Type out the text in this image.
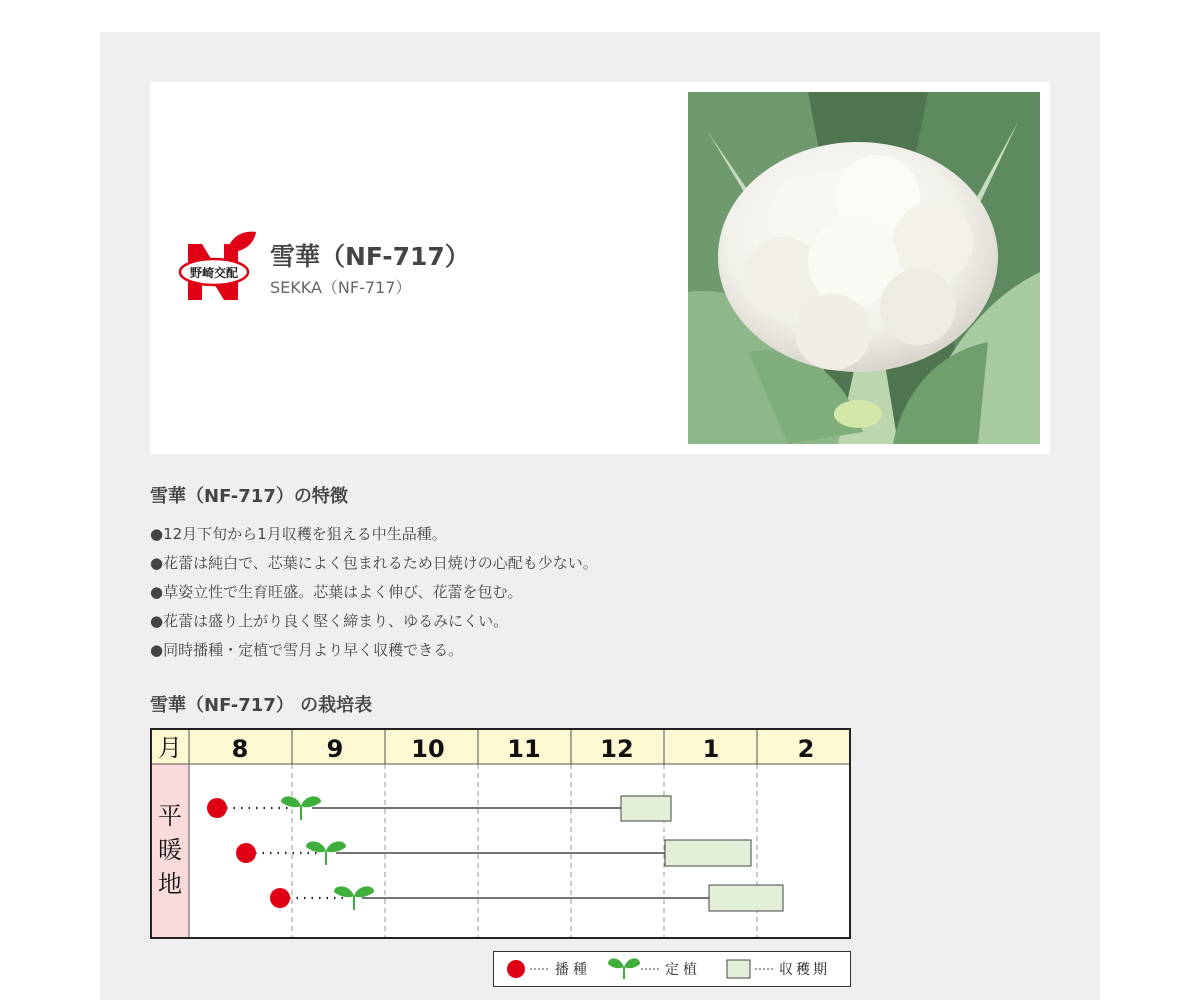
野崎交配
雪華（NF-717）
SEKKA（NF-717）
雪華（NF-717）の特徴
●12月下旬から1月収穫を狙える中生品種。
●花蕾は純白で、芯葉によく包まれるため日焼けの心配も少ない。
●草姿立性で生育旺盛。芯葉はよく伸び、花蕾を包む。
●花蕾は盛り上がり良く堅く締まり、ゆるみにくい。
●同時播種・定植で雪月より早く収穫できる。
雪華（NF-717） の栽培表
月 8	9	10	11 12	1	2
平
暖
地
播種	定植	収穫期
